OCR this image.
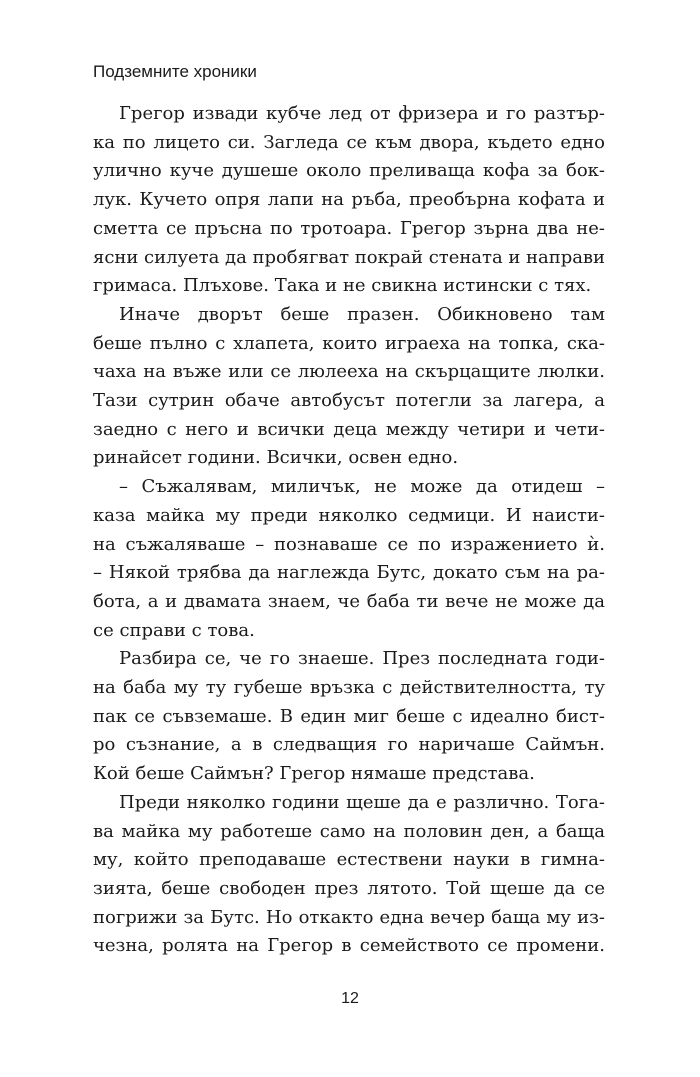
Подземните хроники

Грегор извади кубче лед от фризера и го разтър-
ка по лицето си. Загледа се към двора, където едно
улично куче душеше около преливаща кофа за бок-
лук. Кучето опря лапи на ръба, преобърна кофата и
сметта се пръсна по тротоара. Грегор зърна два не-
ясни силуета да пробягват покрай стената и направи
гримаса. Плъхове. Така и не свикна истински с тях.

Иначе дворът беше празен. Обикновено там
беше пълно с хлапета, които играеха на топка, ска-
чаха на въже или се люлееха на скърцащите люлки.
Тази сутрин обаче автобусът потегли за лагера, а
заедно с него и всички деца между четири и чети-
ринайсет години. Всички, освен едно.

– Съжалявам, миличък, не може да отидеш –
каза майка му преди няколко седмици. И наисти-
на съжаляваше – познаваше се по изражението ѝ.
– Някой трябва да наглежда Бутс, докато съм на ра-
бота, а и двамата знаем, че баба ти вече не може да
се справи с това.

Разбира се, че го знаеше. През последната годи-
на баба му ту губеше връзка с действителността, ту
пак се съвземаше. В един миг беше с идеално бист-
ро съзнание, а в следващия го наричаше Саймън.
Кой беше Саймън? Грегор нямаше представа.

Преди няколко години щеше да е различно. Тога-
ва майка му работеше само на половин ден, а баща
му, който преподаваше естествени науки в гимна-
зията, беше свободен през лятото. Той щеше да се
погрижи за Бутс. Но откакто една вечер баща му из-
чезна, ролята на Грегор в семейството се промени.

12
